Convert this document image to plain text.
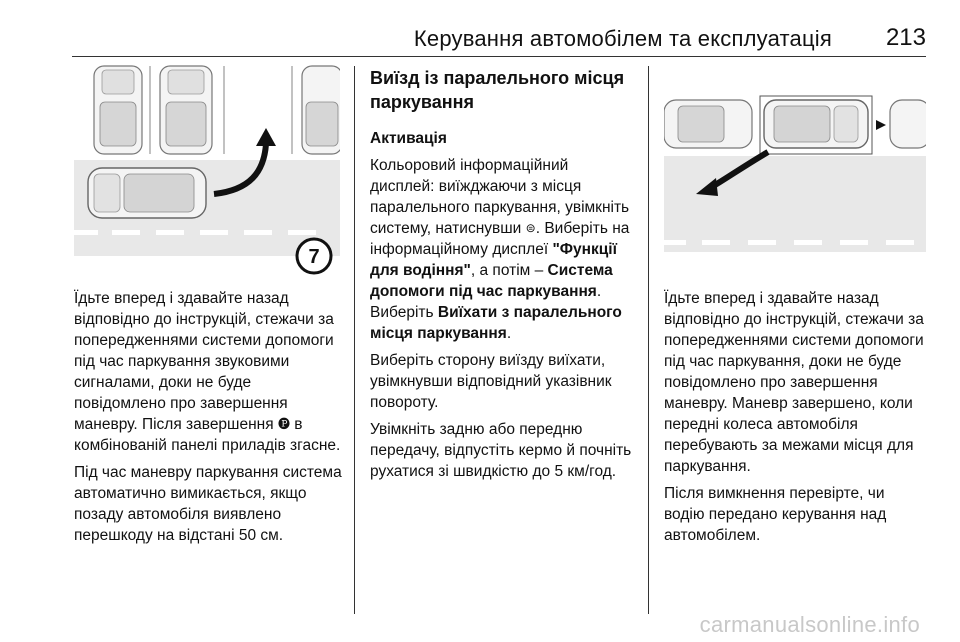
Керування автомобілем та експлуатація 213
7

Їдьте вперед і здавайте назад відповідно до інструкцій, стежачи за попередженнями системи допомоги під час паркування звуковими сигналами, доки не буде повідомлено про завершення маневру. Після завершення 🅟 в комбінованій панелі приладів згасне.

Під час маневру паркування система автоматично вимикається, якщо позаду автомобіля виявлено перешкоду на відстані 50 см.

Виїзд із паралельного місця паркування

Активація

Кольоровий інформаційний дисплей: виїжджаючи з місця паралельного паркування, увімкніть систему, натиснувши ⊜. Виберіть на інформаційному дисплеї "Функції для водіння", а потім – Система допомоги під час паркування. Виберіть Виїхати з паралельного місця паркування.

Виберіть сторону виїзду виїхати, увімкнувши відповідний указівник повороту.

Увімкніть задню або передню передачу, відпустіть кермо й почніть рухатися зі швидкістю до 5 км/год.

Їдьте вперед і здавайте назад відповідно до інструкцій, стежачи за попередженнями системи допомоги під час паркування, доки не буде повідомлено про завершення маневру. Маневр завершено, коли передні колеса автомобіля перебувають за межами місця для паркування.

Після вимкнення перевірте, чи водію передано керування над автомобілем.

carmanualsonline.info
